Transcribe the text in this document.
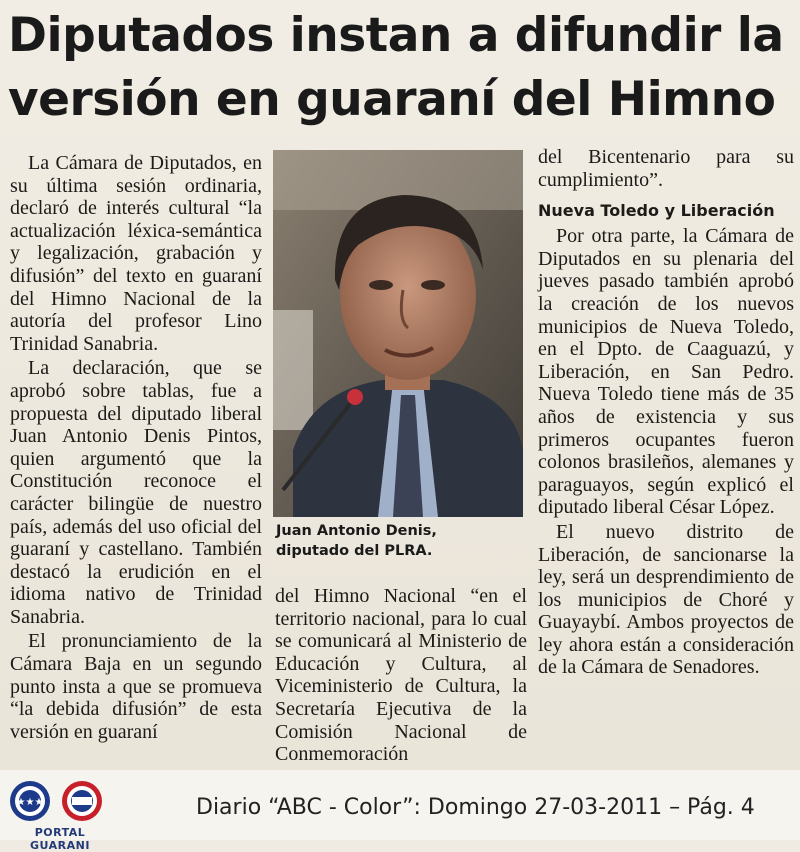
Diputados instan a difundir la
versión en guaraní del Himno

La Cámara de Diputados, en su última sesión ordinaria, declaró de interés cultural “la actualización léxica-semántica y legalización, grabación y difusión” del texto en guaraní del Himno Nacional de la autoría del profesor Lino Trinidad Sanabria.

La declaración, que se aprobó sobre tablas, fue a propuesta del diputado liberal Juan Antonio Denis Pintos, quien argumentó que la Constitución reconoce el carácter bilingüe de nuestro país, además del uso oficial del guaraní y castellano. También destacó la erudición en el idioma nativo de Trinidad Sanabria.

El pronunciamiento de la Cámara Baja en un segundo punto insta a que se promueva “la debida difusión” de esta versión en guaraní

Juan Antonio Denis,
diputado del PLRA.

del Himno Nacional “en el territorio nacional, para lo cual se comunicará al Ministerio de Educación y Cultura, al Viceministerio de Cultura, la Secretaría Ejecutiva de la Comisión Nacional de Conmemoración

del Bicentenario para su cumplimiento”.

Nueva Toledo y Liberación

Por otra parte, la Cámara de Diputados en su plenaria del jueves pasado también aprobó la creación de los nuevos municipios de Nueva Toledo, en el Dpto. de Caaguazú, y Liberación, en San Pedro. Nueva Toledo tiene más de 35 años de existencia y sus primeros ocupantes fueron colonos brasileños, alemanes y paraguayos, según explicó el diputado liberal César López.

El nuevo distrito de Liberación, de sancionarse la ley, será un desprendimiento de los municipios de Choré y Guayaybí. Ambos proyectos de ley ahora están a consideración de la Cámara de Senadores.

★★★
PORTAL GUARANI
Diario “ABC - Color”: Domingo 27-03-2011 – Pág. 4
